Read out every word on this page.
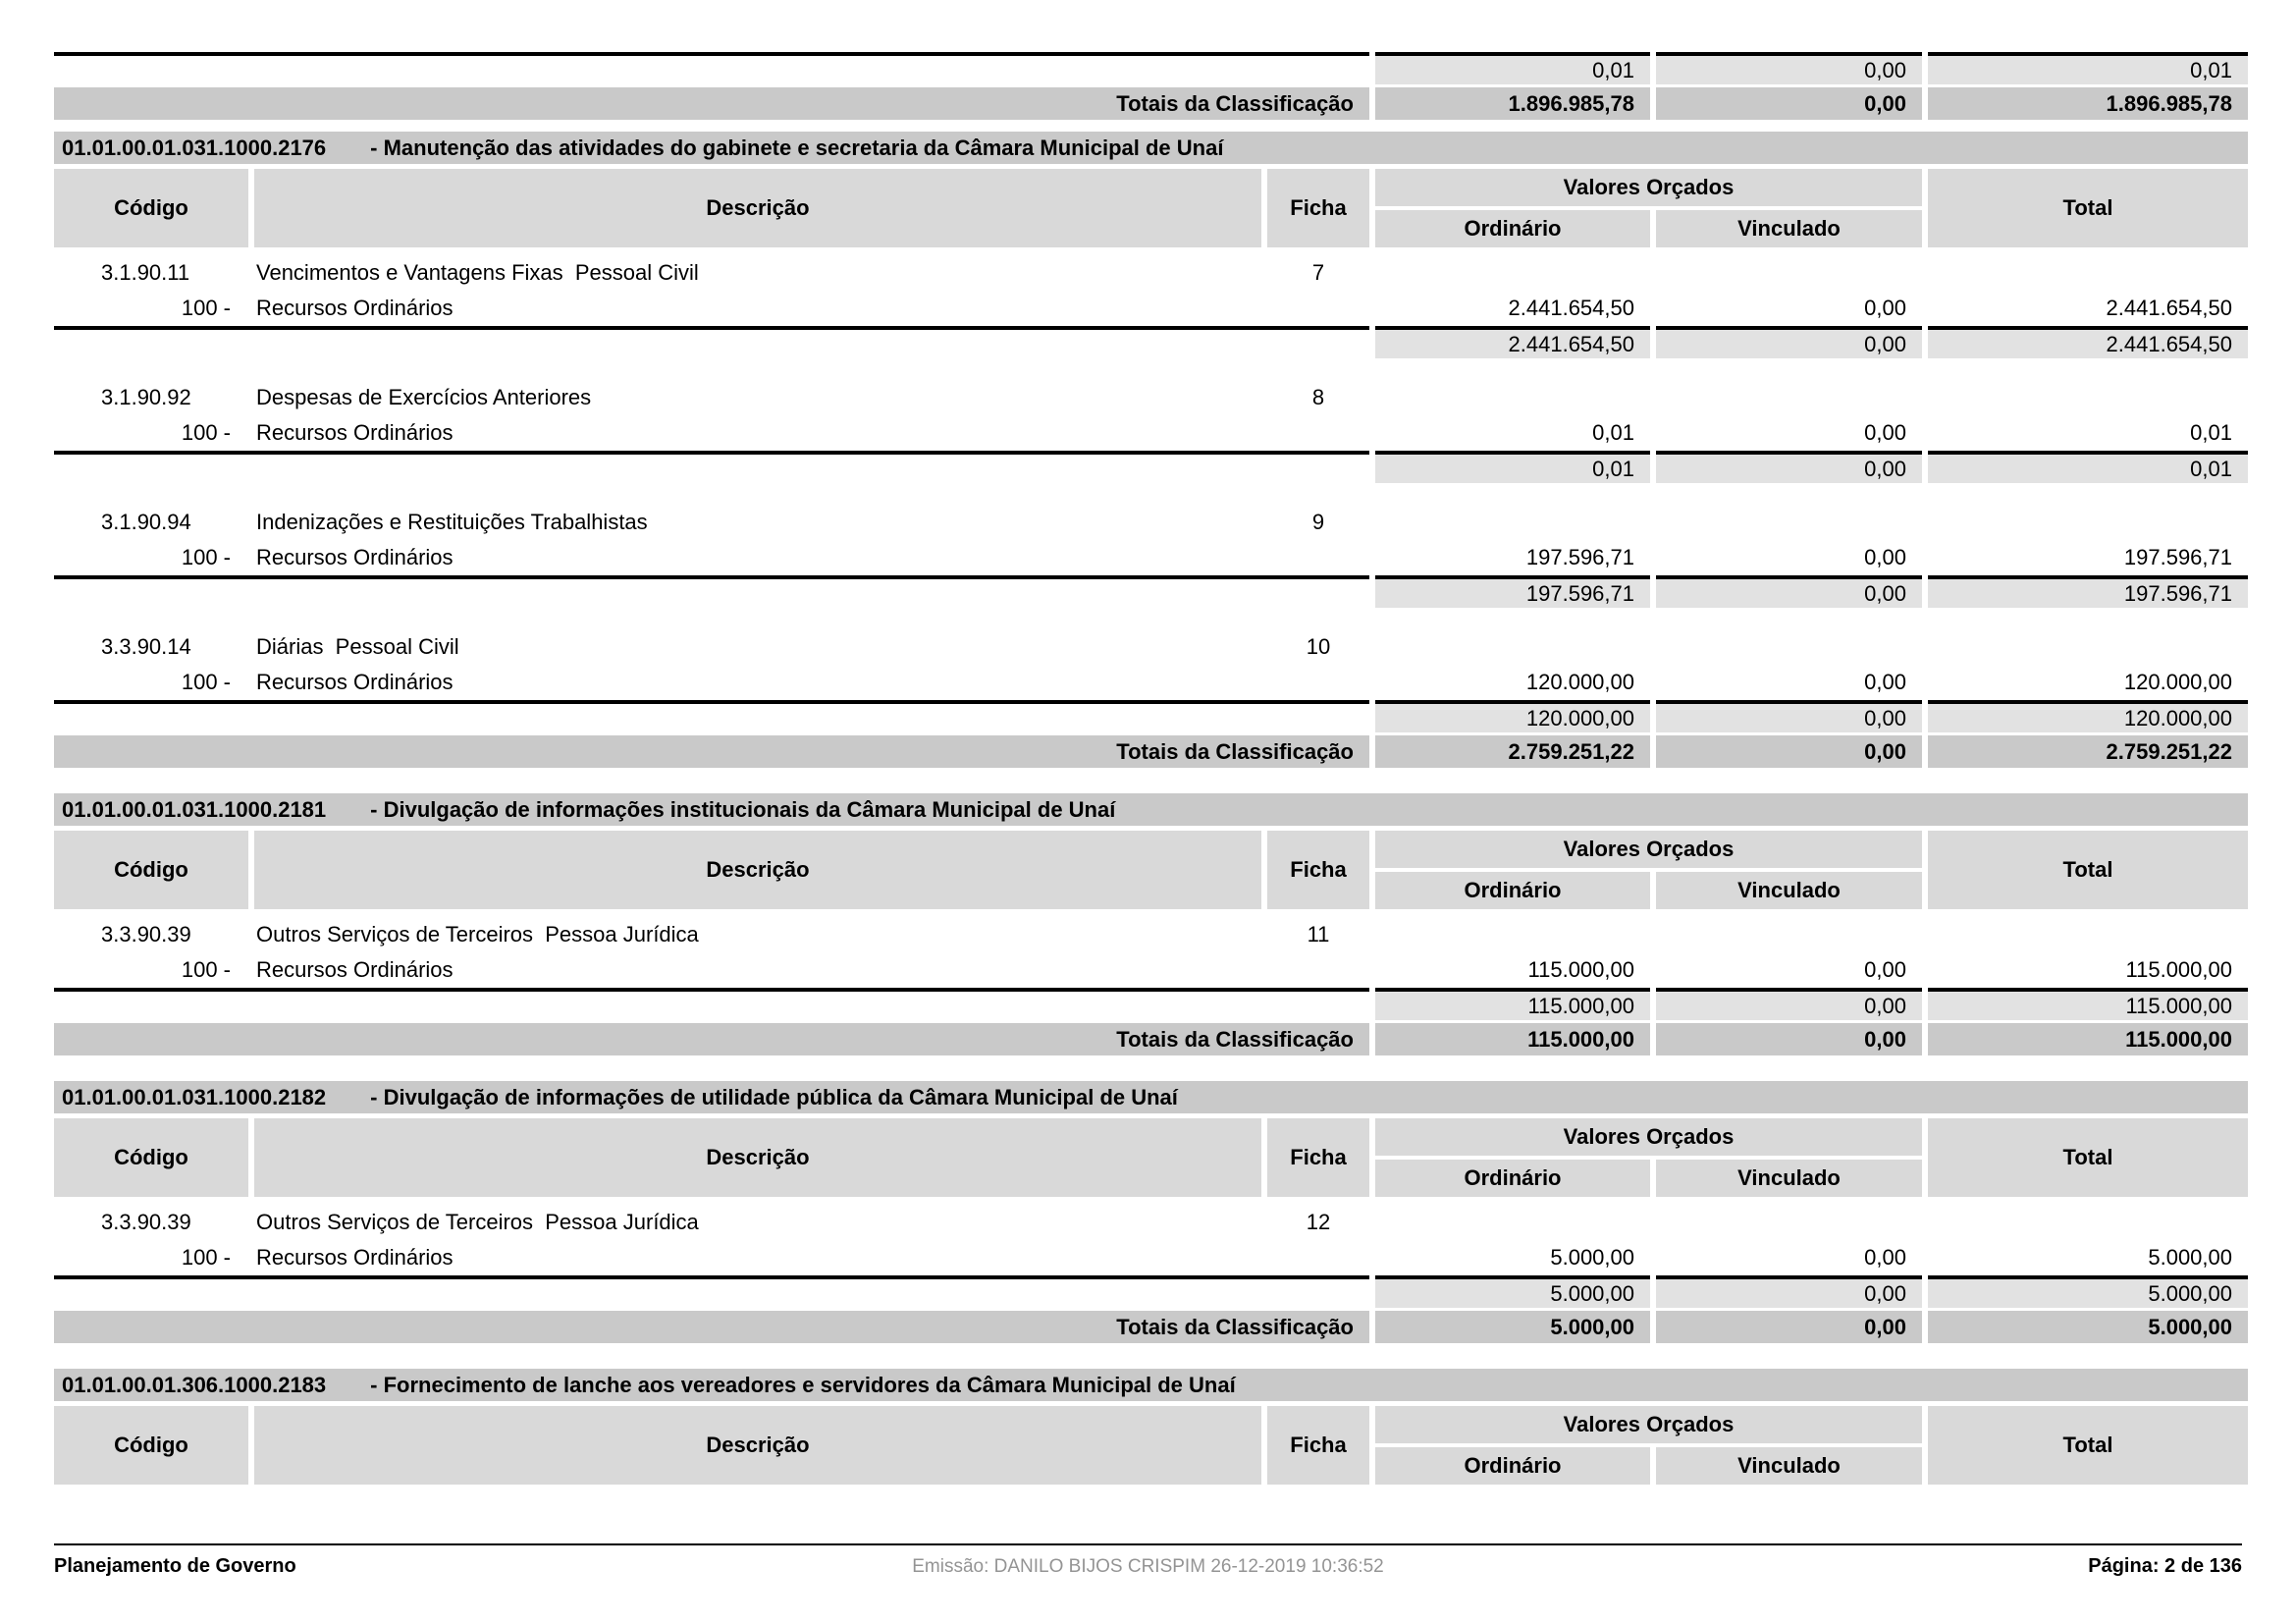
0,01	0,00	0,01
Totais da Classificação	1.896.985,78	0,00	1.896.985,78
01.01.00.01.031.1000.2176 - Manutenção das atividades do gabinete e secretaria da Câmara Municipal de Unaí
Código	Descrição	Ficha
Valores Orçados
Ordinário	Vinculado
Total
3.1.90.11	Vencimentos e Vantagens Fixas  Pessoal Civil	7
100 -	Recursos Ordinários	2.441.654,50	0,00	2.441.654,50
2.441.654,50	0,00	2.441.654,50
3.1.90.92	Despesas de Exercícios Anteriores	8
100 -	Recursos Ordinários	0,01	0,00	0,01
0,01	0,00	0,01
3.1.90.94	Indenizações e Restituições Trabalhistas	9
100 -	Recursos Ordinários	197.596,71	0,00	197.596,71
197.596,71	0,00	197.596,71
3.3.90.14	Diárias  Pessoal Civil	10
100 -	Recursos Ordinários	120.000,00	0,00	120.000,00
120.000,00	0,00	120.000,00
Totais da Classificação	2.759.251,22	0,00	2.759.251,22
01.01.00.01.031.1000.2181 - Divulgação de informações institucionais da Câmara Municipal de Unaí
Código	Descrição	Ficha
Valores Orçados
Ordinário	Vinculado
Total
3.3.90.39	Outros Serviços de Terceiros  Pessoa Jurídica	11
100 -	Recursos Ordinários	115.000,00	0,00	115.000,00
115.000,00	0,00	115.000,00
Totais da Classificação	115.000,00	0,00	115.000,00
01.01.00.01.031.1000.2182 - Divulgação de informações de utilidade pública da Câmara Municipal de Unaí
Código	Descrição	Ficha
Valores Orçados
Ordinário	Vinculado
Total
3.3.90.39	Outros Serviços de Terceiros  Pessoa Jurídica	12
100 -	Recursos Ordinários	5.000,00	0,00	5.000,00
5.000,00	0,00	5.000,00
Totais da Classificação	5.000,00	0,00	5.000,00
01.01.00.01.306.1000.2183 - Fornecimento de lanche aos vereadores e servidores da Câmara Municipal de Unaí
Código	Descrição	Ficha
Valores Orçados
Ordinário	Vinculado
Total
Planejamento de Governo	Emissão: DANILO BIJOS CRISPIM 26-12-2019 10:36:52	Página: 2 de 136
